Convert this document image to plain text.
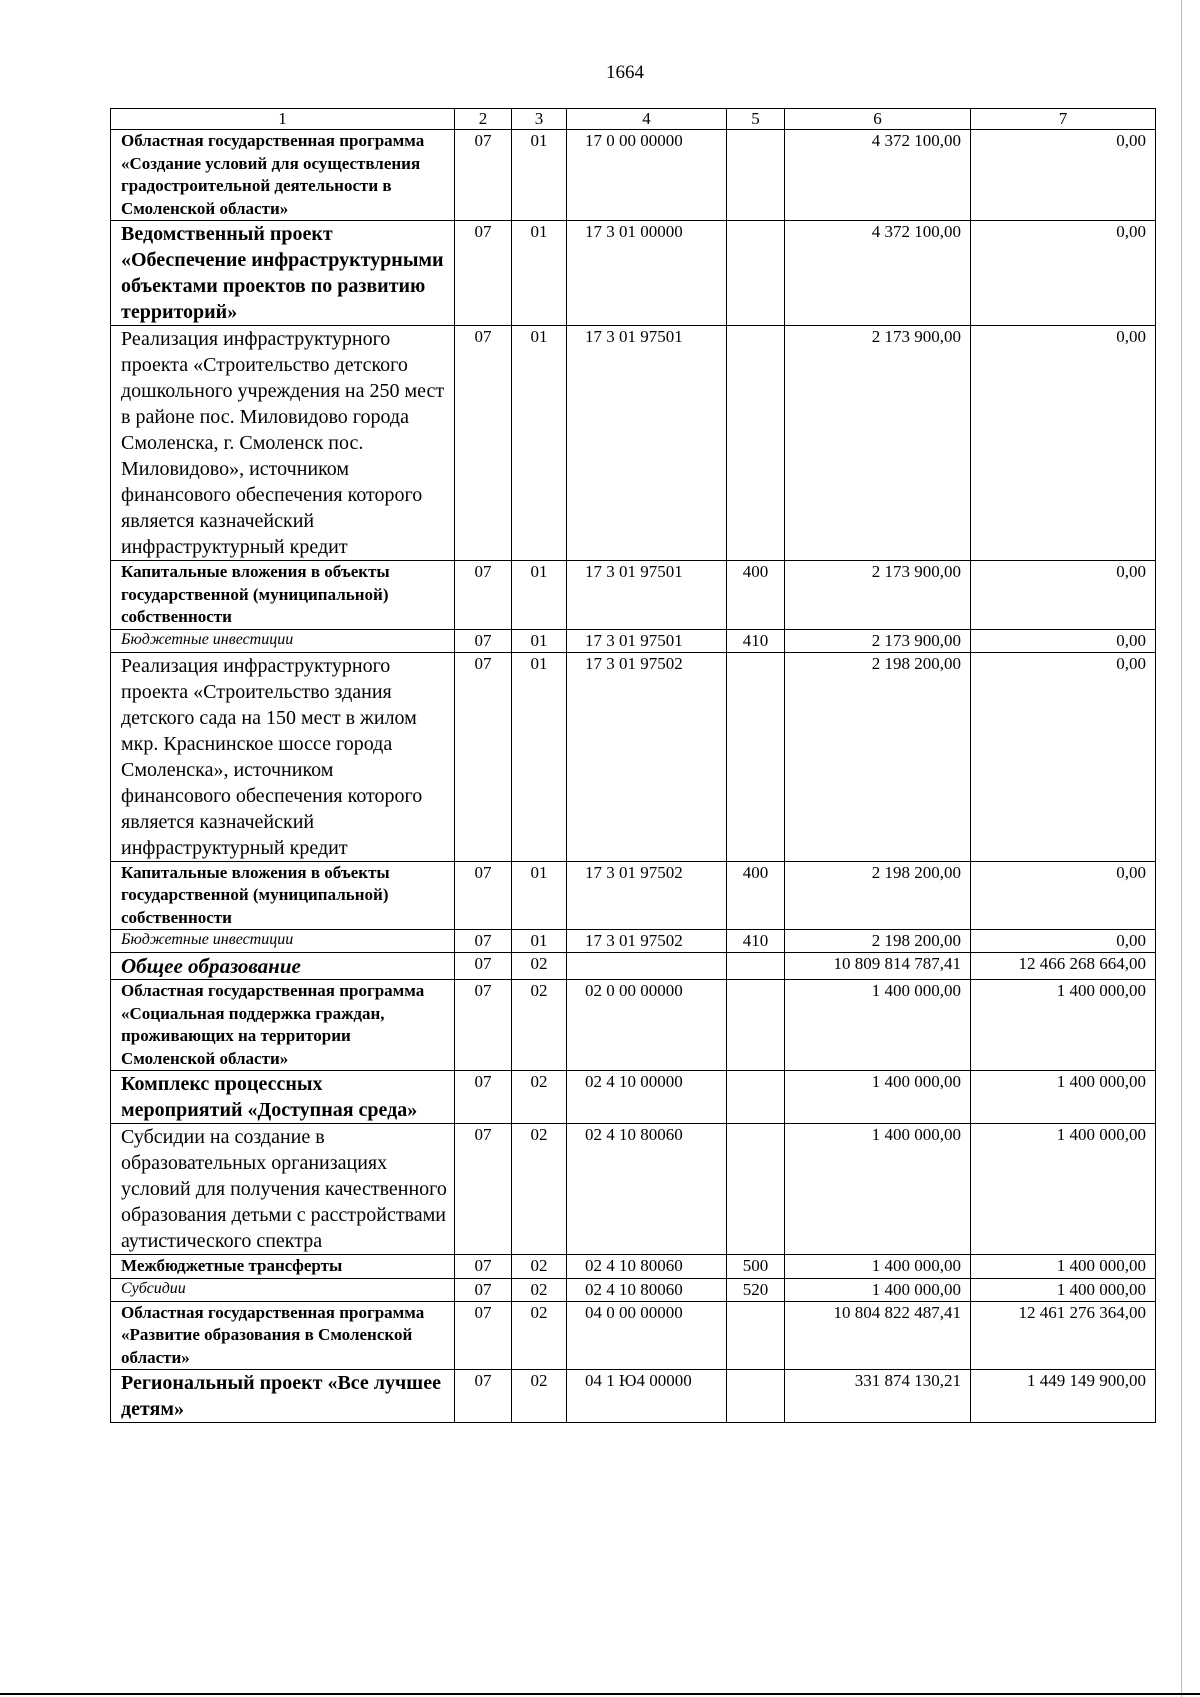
1664
1	2	3	4	5	6	7
Областная государственная программа «Создание условий для осуществления градостроительной деятельности в Смоленской области»	07	01	17 0 00 00000		4 372 100,00	0,00
Ведомственный проект «Обеспечение инфраструктурными объектами проектов по развитию территорий»	07	01	17 3 01 00000		4 372 100,00	0,00
Реализация инфраструктурного проекта «Строительство детского дошкольного учреждения на 250 мест в районе пос. Миловидово города Смоленска, г. Смоленск пос. Миловидово», источником финансового обеспечения которого является казначейский инфраструктурный кредит	07	01	17 3 01 97501		2 173 900,00	0,00
Капитальные вложения в объекты государственной (муниципальной) собственности	07	01	17 3 01 97501	400	2 173 900,00	0,00
Бюджетные инвестиции	07	01	17 3 01 97501	410	2 173 900,00	0,00
Реализация инфраструктурного проекта «Строительство здания детского сада на 150 мест в жилом мкр. Краснинское шоссе города Смоленска», источником финансового обеспечения которого является казначейский инфраструктурный кредит	07	01	17 3 01 97502		2 198 200,00	0,00
Капитальные вложения в объекты государственной (муниципальной) собственности	07	01	17 3 01 97502	400	2 198 200,00	0,00
Бюджетные инвестиции	07	01	17 3 01 97502	410	2 198 200,00	0,00
Общее образование	07	02			10 809 814 787,41	12 466 268 664,00
Областная государственная программа «Социальная поддержка граждан, проживающих на территории Смоленской области»	07	02	02 0 00 00000		1 400 000,00	1 400 000,00
Комплекс процессных мероприятий «Доступная среда»	07	02	02 4 10 00000		1 400 000,00	1 400 000,00
Субсидии на создание в образовательных организациях условий для получения качественного образования детьми с расстройствами аутистического спектра	07	02	02 4 10 80060		1 400 000,00	1 400 000,00
Межбюджетные трансферты	07	02	02 4 10 80060	500	1 400 000,00	1 400 000,00
Субсидии	07	02	02 4 10 80060	520	1 400 000,00	1 400 000,00
Областная государственная программа «Развитие образования в Смоленской области»	07	02	04 0 00 00000		10 804 822 487,41	12 461 276 364,00
Региональный проект «Все лучшее детям»	07	02	04 1 Ю4 00000		331 874 130,21	1 449 149 900,00
